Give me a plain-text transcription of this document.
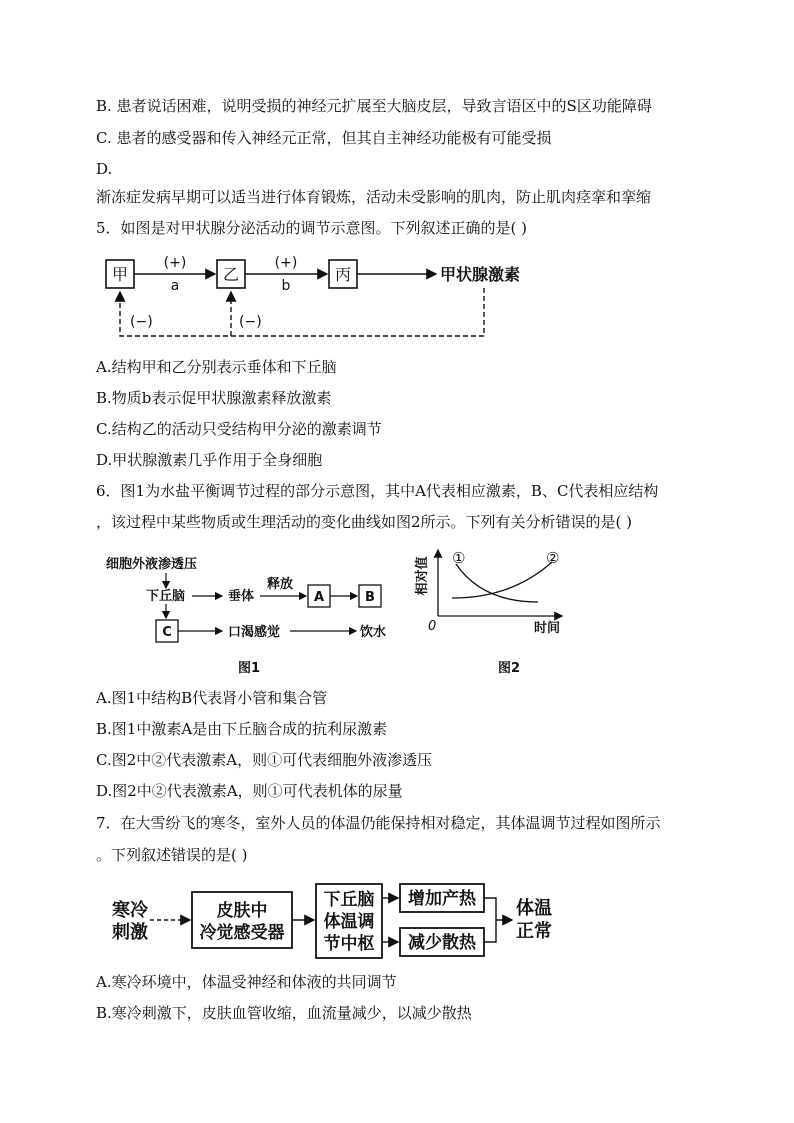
B. 患者说话困难，说明受损的神经元扩展至大脑皮层，导致言语区中的S区功能障碍
C. 患者的感受器和传入神经元正常，但其自主神经功能极有可能受损
D.
渐冻症发病早期可以适当进行体育锻炼，活动未受影响的肌肉，防止肌肉痉挛和挛缩
5．如图是对甲状腺分泌活动的调节示意图。下列叙述正确的是( )
甲	乙	丙
(+)
a
(+)
b
甲状腺激素
(−)	(−)
A.结构甲和乙分别表示垂体和下丘脑
B.物质b表示促甲状腺激素释放激素
C.结构乙的活动只受结构甲分泌的激素调节
D.甲状腺激素几乎作用于全身细胞
6．图1为水盐平衡调节过程的部分示意图，其中A代表相应激素，B、C代表相应结构
，该过程中某些物质或生理活动的变化曲线如图2所示。下列有关分析错误的是( )
细胞外液渗透压
下丘脑	垂体
释放
A	B
C	口渴感觉	饮水
图1
相对值
0	时间
①	②
图2
A.图1中结构B代表肾小管和集合管
B.图1中激素A是由下丘脑合成的抗利尿激素
C.图2中②代表激素A，则①可代表细胞外液渗透压
D.图2中②代表激素A，则①可代表机体的尿量
7．在大雪纷飞的寒冬，室外人员的体温仍能保持相对稳定，其体温调节过程如图所示
。下列叙述错误的是( )
寒冷
刺激
皮肤中
冷觉感受器
下丘脑
体温调
节中枢
增加产热
减少散热
体温
正常
A.寒冷环境中，体温受神经和体液的共同调节
B.寒冷刺激下，皮肤血管收缩，血流量减少，以减少散热
